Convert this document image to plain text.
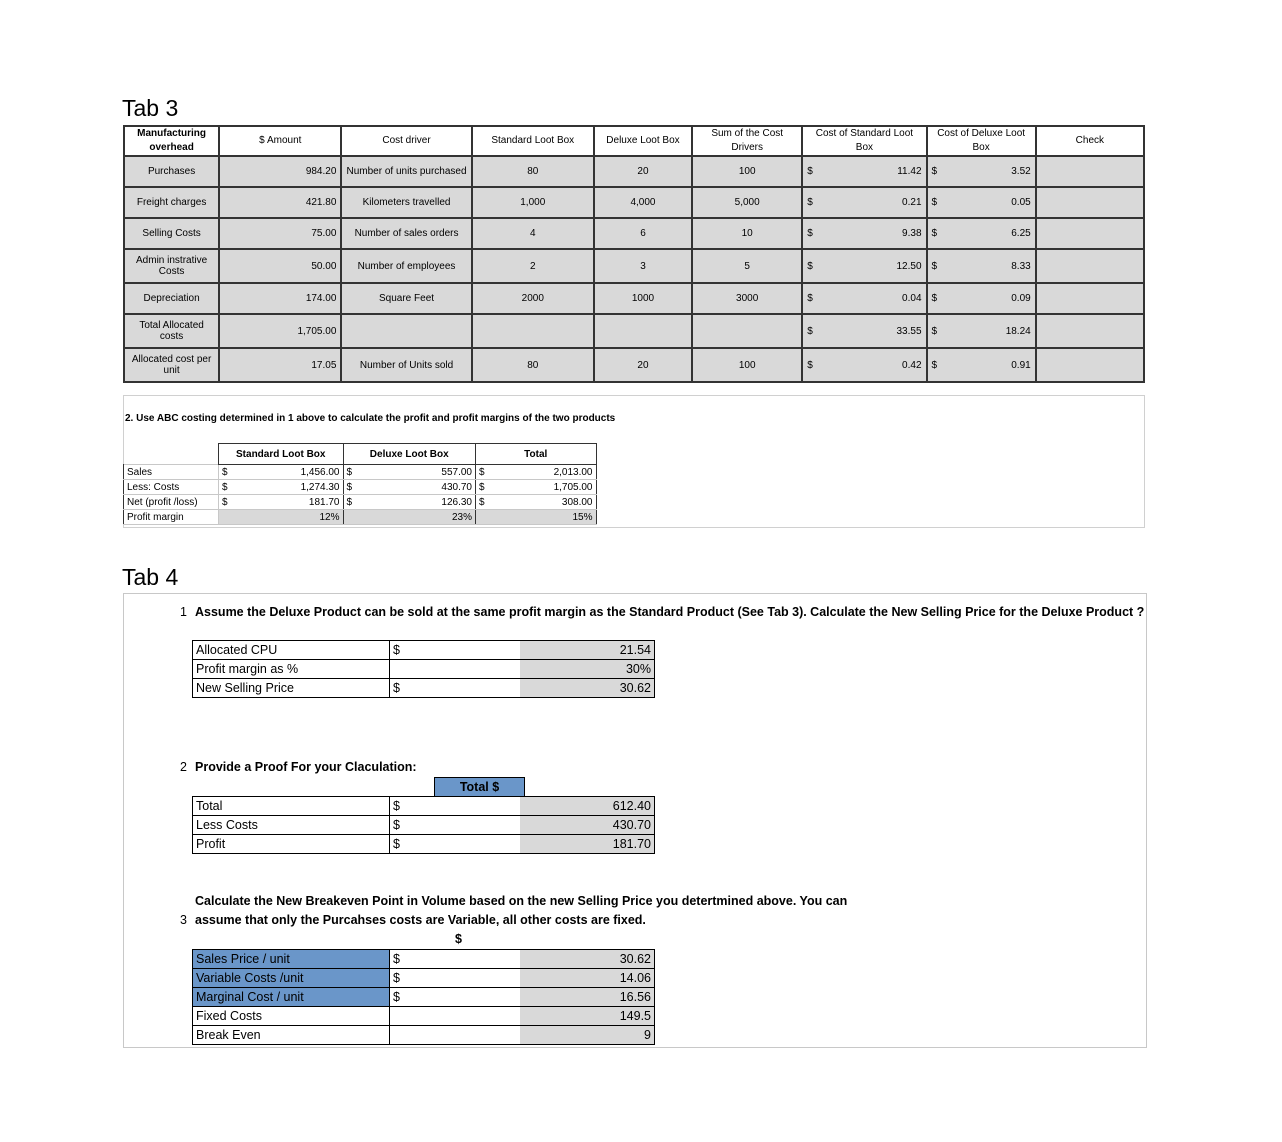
Tab 3
Manufacturing overhead	$ Amount	Cost driver	Standard Loot Box	Deluxe Loot Box	Sum of the Cost Drivers	Cost of Standard Loot Box		Cost of Deluxe Loot Box		Check
Purchases	984.20	Number of units purchased	80	20	100	$	11.42	$	3.52	
Freight charges	421.80	Kilometers travelled	1,000	4,000	5,000	$	0.21	$	0.05	
Selling Costs	75.00	Number of sales orders	4	6	10	$	9.38	$	6.25	
Admin instrative Costs	50.00	Number of employees	2	3	5	$	12.50	$	8.33	
Depreciation	174.00	Square Feet	2000	1000	3000	$	0.04	$	0.09	
Total Allocated costs	1,705.00					$	33.55	$	18.24	
Allocated cost per unit	17.05	Number of Units sold	80	20	100	$	0.42	$	0.91	
2. Use ABC costing determined in 1 above to calculate the profit and profit margins of the two products
	Standard Loot Box		Deluxe Loot Box		Total	
Sales	$	1,456.00	$	557.00	$	2,013.00
Less: Costs	$	1,274.30	$	430.70	$	1,705.00
Net (profit /loss)	$	181.70	$	126.30	$	308.00
Profit margin		12%		23%		15%
Tab 4
1 Assume the Deluxe Product can be sold at the same profit margin as the Standard Product (See Tab 3). Calculate the New Selling Price for the Deluxe Product ?
Allocated CPU	$	21.54
Profit margin as %		30%
New Selling Price	$	30.62
2 Provide a Proof For your Claculation:
		Total $
Total	$	612.40
Less Costs	$	430.70
Profit	$	181.70
Calculate the New Breakeven Point in Volume based on the new Selling Price you detertmined above. You can
3 assume that only the Purcahses costs are Variable, all other costs are fixed.
$
Sales Price / unit	$	30.62
Variable Costs /unit	$	14.06
Marginal Cost / unit	$	16.56
Fixed Costs		149.5
Break Even		9
